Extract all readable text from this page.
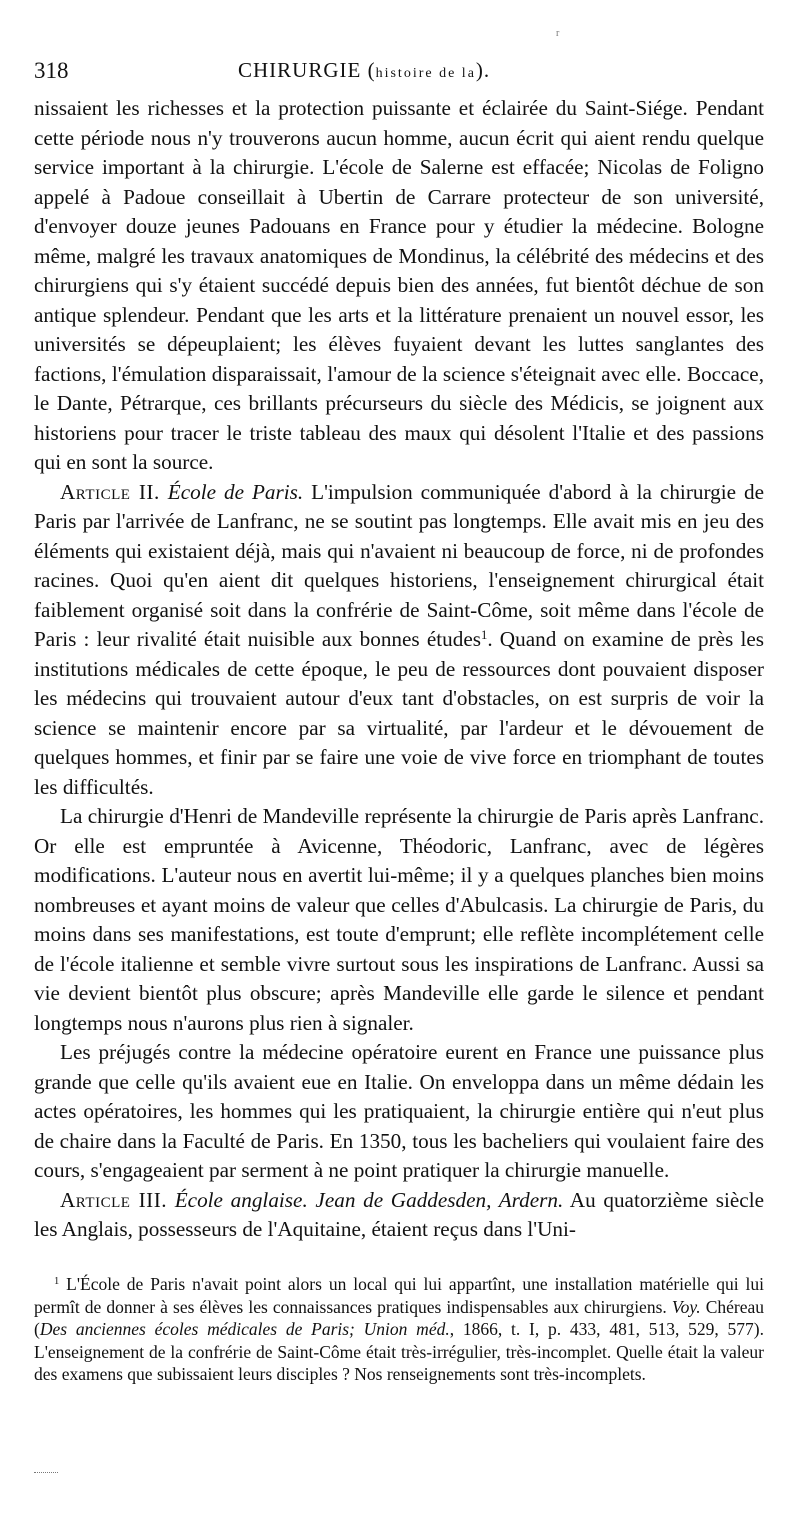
r
318	CHIRURGIE (histoire de la).

nissaient les richesses et la protection puissante et éclairée du Saint-Siége. Pendant cette période nous n'y trouverons aucun homme, aucun écrit qui aient rendu quelque service important à la chirurgie. L'école de Salerne est effacée; Nicolas de Foligno appelé à Padoue conseillait à Ubertin de Carrare protecteur de son université, d'envoyer douze jeunes Padouans en France pour y étudier la médecine. Bologne même, malgré les travaux anatomiques de Mondinus, la célébrité des médecins et des chirurgiens qui s'y étaient succédé depuis bien des années, fut bientôt déchue de son antique splendeur. Pendant que les arts et la littérature prenaient un nouvel essor, les universités se dépeuplaient; les élèves fuyaient devant les luttes sanglantes des factions, l'émulation disparaissait, l'amour de la science s'éteignait avec elle. Boccace, le Dante, Pétrarque, ces brillants précurseurs du siècle des Médicis, se joignent aux historiens pour tracer le triste tableau des maux qui désolent l'Italie et des passions qui en sont la source.

Article II. École de Paris. L'impulsion communiquée d'abord à la chirurgie de Paris par l'arrivée de Lanfranc, ne se soutint pas longtemps. Elle avait mis en jeu des éléments qui existaient déjà, mais qui n'avaient ni beaucoup de force, ni de profondes racines. Quoi qu'en aient dit quelques historiens, l'enseignement chirurgical était faiblement organisé soit dans la confrérie de Saint-Côme, soit même dans l'école de Paris : leur rivalité était nuisible aux bonnes études$^1$. Quand on examine de près les institutions médicales de cette époque, le peu de ressources dont pouvaient disposer les médecins qui trouvaient autour d'eux tant d'obstacles, on est surpris de voir la science se maintenir encore par sa virtualité, par l'ardeur et le dévouement de quelques hommes, et finir par se faire une voie de vive force en triomphant de toutes les difficultés.

La chirurgie d'Henri de Mandeville représente la chirurgie de Paris après Lanfranc. Or elle est empruntée à Avicenne, Théodoric, Lanfranc, avec de légères modifications. L'auteur nous en avertit lui-même; il y a quelques planches bien moins nombreuses et ayant moins de valeur que celles d'Abulcasis. La chirurgie de Paris, du moins dans ses manifestations, est toute d'emprunt; elle reflète incomplétement celle de l'école italienne et semble vivre surtout sous les inspirations de Lanfranc. Aussi sa vie devient bientôt plus obscure; après Mandeville elle garde le silence et pendant longtemps nous n'aurons plus rien à signaler.

Les préjugés contre la médecine opératoire eurent en France une puissance plus grande que celle qu'ils avaient eue en Italie. On enveloppa dans un même dédain les actes opératoires, les hommes qui les pratiquaient, la chirurgie entière qui n'eut plus de chaire dans la Faculté de Paris. En 1350, tous les bacheliers qui voulaient faire des cours, s'engageaient par serment à ne point pratiquer la chirurgie manuelle.

Article III. École anglaise. Jean de Gaddesden, Ardern. Au quatorzième siècle les Anglais, possesseurs de l'Aquitaine, étaient reçus dans l'Uni-

$^1$ L'École de Paris n'avait point alors un local qui lui appartînt, une installation matérielle qui lui permît de donner à ses élèves les connaissances pratiques indispensables aux chirurgiens. Voy. Chéreau (Des anciennes écoles médicales de Paris; Union méd., 1866, t. I, p. 433, 481, 513, 529, 577). L'enseignement de la confrérie de Saint-Côme était très-irrégulier, très-incomplet. Quelle était la valeur des examens que subissaient leurs disciples ? Nos renseignements sont très-incomplets.
